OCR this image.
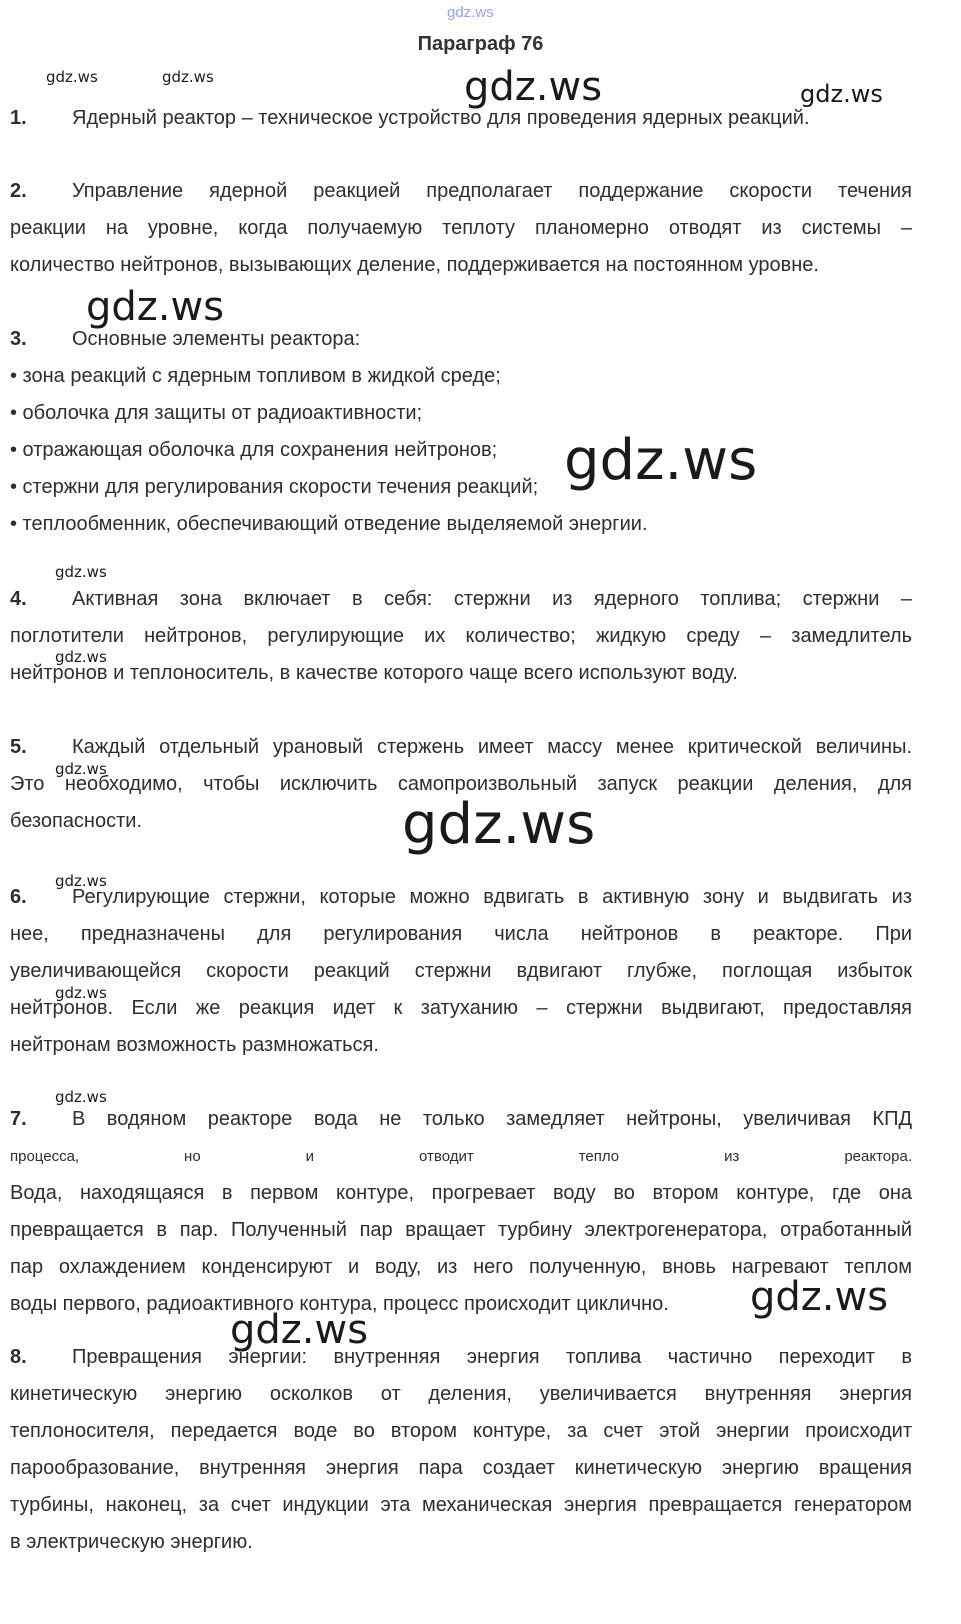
gdz.ws
Параграф 76
gdz.ws	gdz.ws	gdz.ws	gdz.ws
gdz.ws
gdz.ws
gdz.ws
gdz.ws
gdz.ws
gdz.ws
gdz.ws
gdz.ws
gdz.ws
gdz.ws
gdz.ws
1. Ядерный реактор – техническое устройство для проведения ядерных реакций.
2. Управление ядерной реакцией предполагает поддержание скорости течения
реакции на уровне, когда получаемую теплоту планомерно отводят из системы –
количество нейтронов, вызывающих деление, поддерживается на постоянном уровне.
3. Основные элементы реактора:
• зона реакций с ядерным топливом в жидкой среде;
• оболочка для защиты от радиоактивности;
• отражающая оболочка для сохранения нейтронов;
• стержни для регулирования скорости течения реакций;
• теплообменник, обеспечивающий отведение выделяемой энергии.
4. Активная зона включает в себя: стержни из ядерного топлива; стержни –
поглотители нейтронов, регулирующие их количество; жидкую среду – замедлитель
нейтронов и теплоноситель, в качестве которого чаще всего используют воду.
5. Каждый отдельный урановый стержень имеет массу менее критической величины.
Это необходимо, чтобы исключить самопроизвольный запуск реакции деления, для
безопасности.
6. Регулирующие стержни, которые можно вдвигать в активную зону и выдвигать из
нее, предназначены для регулирования числа нейтронов в реакторе. При
увеличивающейся скорости реакций стержни вдвигают глубже, поглощая избыток
нейтронов. Если же реакция идет к затуханию – стержни выдвигают, предоставляя
нейтронам возможность размножаться.
7. В водяном реакторе вода не только замедляет нейтроны, увеличивая КПД
процесса, но и отводит тепло из реактора.
Вода, находящаяся в первом контуре, прогревает воду во втором контуре, где она
превращается в пар. Полученный пар вращает турбину электрогенератора, отработанный
пар охлаждением конденсируют и воду, из него полученную, вновь нагревают теплом
воды первого, радиоактивного контура, процесс происходит циклично.
8. Превращения энергии: внутренняя энергия топлива частично переходит в
кинетическую энергию осколков от деления, увеличивается внутренняя энергия
теплоносителя, передается воде во втором контуре, за счет этой энергии происходит
парообразование, внутренняя энергия пара создает кинетическую энергию вращения
турбины, наконец, за счет индукции эта механическая энергия превращается генератором
в электрическую энергию.
